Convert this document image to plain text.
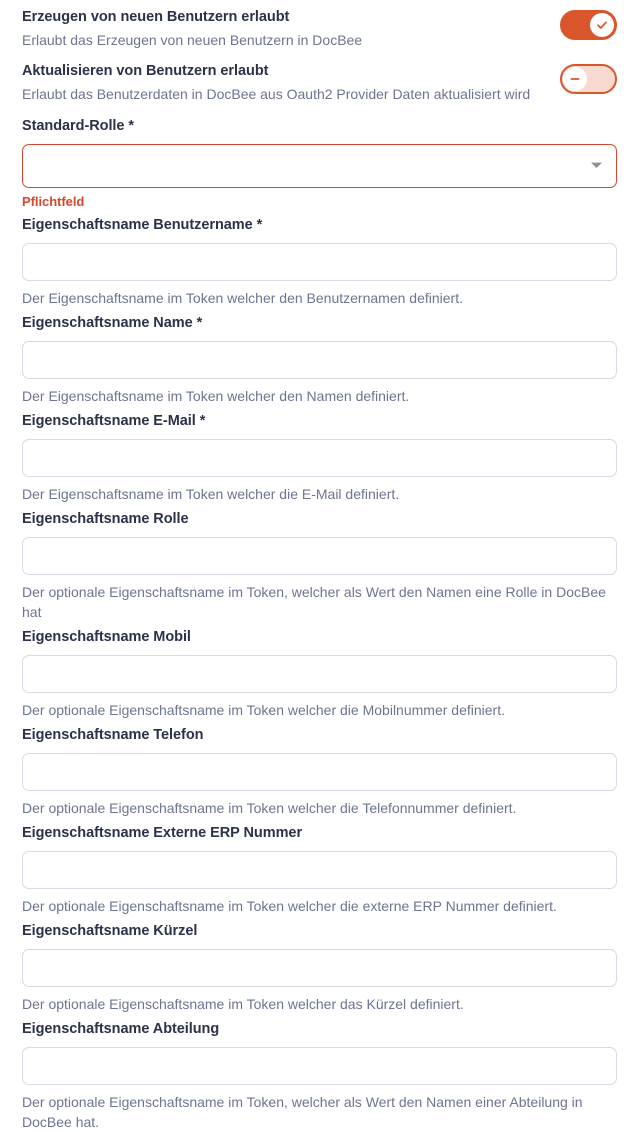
Erzeugen von neuen Benutzern erlaubt
Erlaubt das Erzeugen von neuen Benutzern in DocBee
Aktualisieren von Benutzern erlaubt
Erlaubt das Benutzerdaten in DocBee aus Oauth2 Provider Daten aktualisiert wird
Standard-Rolle *
Pflichtfeld
Eigenschaftsname Benutzername *
Der Eigenschaftsname im Token welcher den Benutzernamen definiert.
Eigenschaftsname Name *
Der Eigenschaftsname im Token welcher den Namen definiert.
Eigenschaftsname E-Mail *
Der Eigenschaftsname im Token welcher die E-Mail definiert.
Eigenschaftsname Rolle
Der optionale Eigenschaftsname im Token, welcher als Wert den Namen eine Rolle in DocBee hat
Eigenschaftsname Mobil
Der optionale Eigenschaftsname im Token welcher die Mobilnummer definiert.
Eigenschaftsname Telefon
Der optionale Eigenschaftsname im Token welcher die Telefonnummer definiert.
Eigenschaftsname Externe ERP Nummer
Der optionale Eigenschaftsname im Token welcher die externe ERP Nummer definiert.
Eigenschaftsname Kürzel
Der optionale Eigenschaftsname im Token welcher das Kürzel definiert.
Eigenschaftsname Abteilung
Der optionale Eigenschaftsname im Token, welcher als Wert den Namen einer Abteilung in DocBee hat.
